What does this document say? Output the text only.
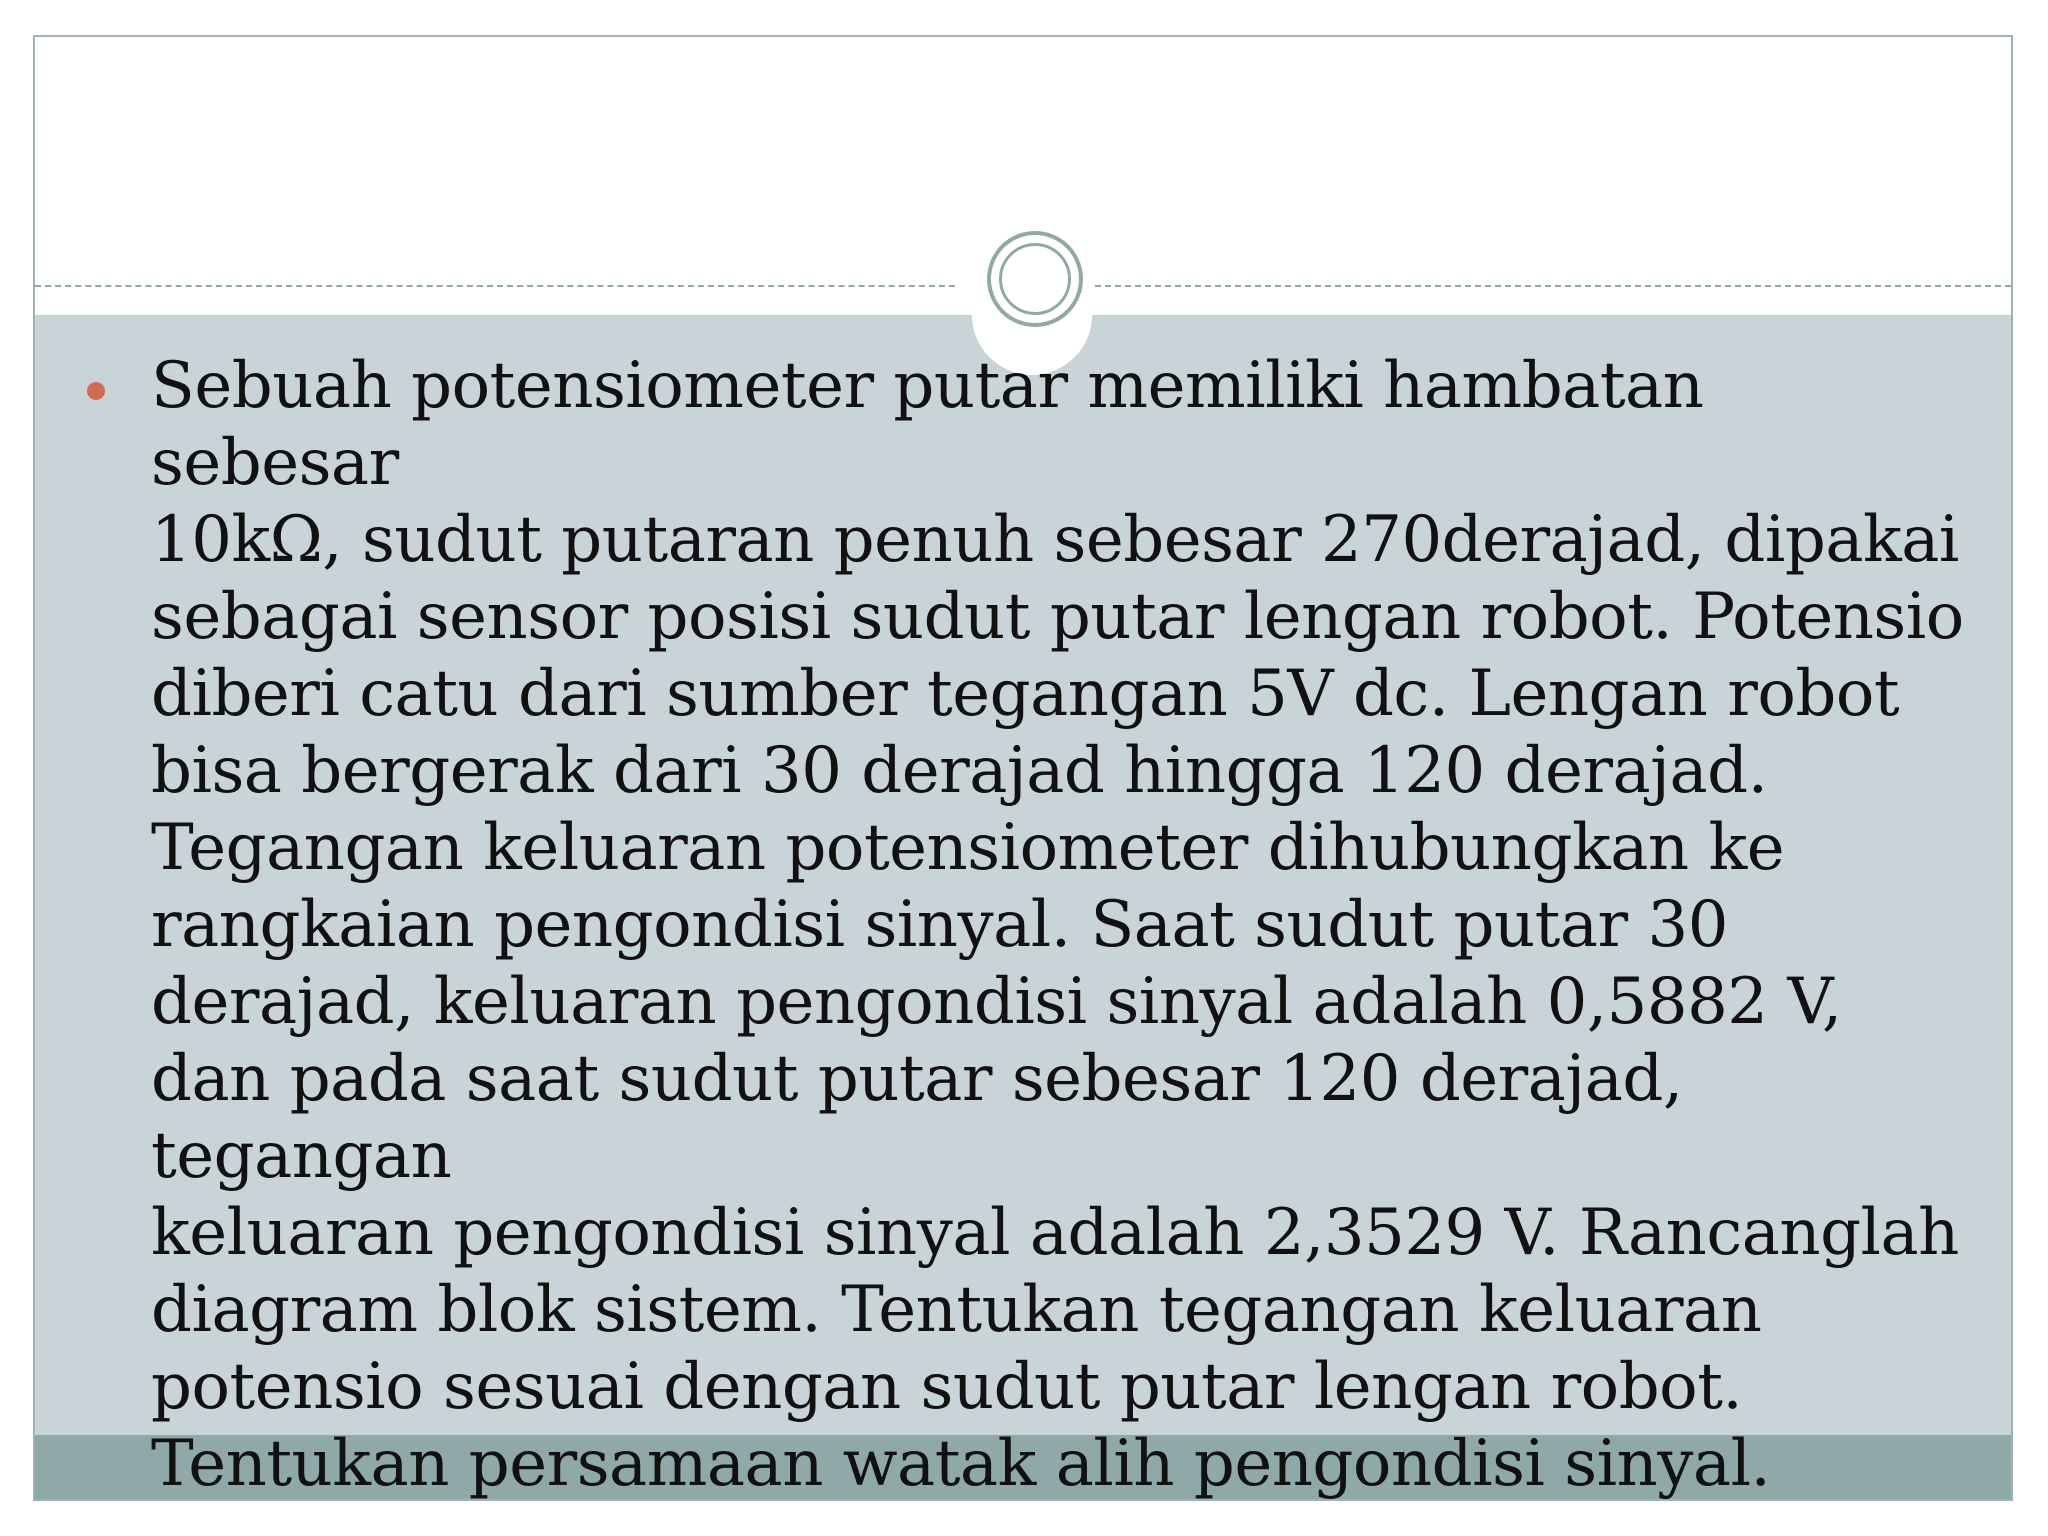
Sebuah potensiometer putar memiliki hambatan sebesar
10kΩ, sudut putaran penuh sebesar 270derajad, dipakai
sebagai sensor posisi sudut putar lengan robot. Potensio
diberi catu dari sumber tegangan 5V dc. Lengan robot
bisa bergerak dari 30 derajad hingga 120 derajad.
Tegangan keluaran potensiometer dihubungkan ke
rangkaian pengondisi sinyal. Saat sudut putar 30
derajad, keluaran pengondisi sinyal adalah 0,5882 V,
dan pada saat sudut putar sebesar 120 derajad, tegangan
keluaran pengondisi sinyal adalah 2,3529 V. Rancanglah
diagram blok sistem. Tentukan tegangan keluaran
potensio sesuai dengan sudut putar lengan robot.
Tentukan persamaan watak alih pengondisi sinyal.
